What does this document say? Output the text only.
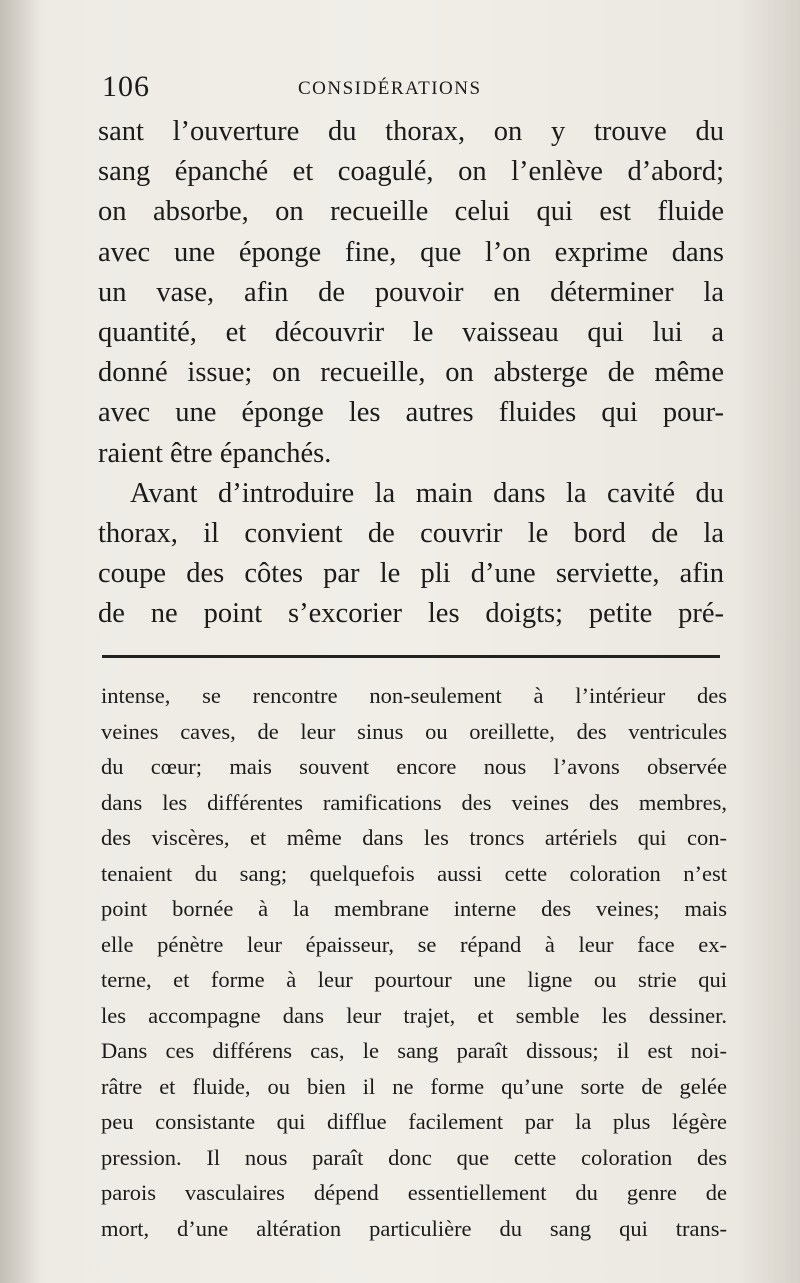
106	CONSIDÉRATIONS
sant l’ouverture du thorax, on y trouve du
sang épanché et coagulé, on l’enlève d’abord;
on absorbe, on recueille celui qui est fluide
avec une éponge fine, que l’on exprime dans
un vase, afin de pouvoir en déterminer la
quantité, et découvrir le vaisseau qui lui a
donné issue; on recueille, on absterge de même
avec une éponge les autres fluides qui pour-
raient être épanchés.
Avant d’introduire la main dans la cavité du
thorax, il convient de couvrir le bord de la
coupe des côtes par le pli d’une serviette, afin
de ne point s’excorier les doigts; petite pré-
intense, se rencontre non-seulement à l’intérieur des
veines caves, de leur sinus ou oreillette, des ventricules
du cœur; mais souvent encore nous l’avons observée
dans les différentes ramifications des veines des membres,
des viscères, et même dans les troncs artériels qui con-
tenaient du sang; quelquefois aussi cette coloration n’est
point bornée à la membrane interne des veines; mais
elle pénètre leur épaisseur, se répand à leur face ex-
terne, et forme à leur pourtour une ligne ou strie qui
les accompagne dans leur trajet, et semble les dessiner.
Dans ces différens cas, le sang paraît dissous; il est noi-
râtre et fluide, ou bien il ne forme qu’une sorte de gelée
peu consistante qui difflue facilement par la plus légère
pression. Il nous paraît donc que cette coloration des
parois vasculaires dépend essentiellement du genre de
mort, d’une altération particulière du sang qui trans-
